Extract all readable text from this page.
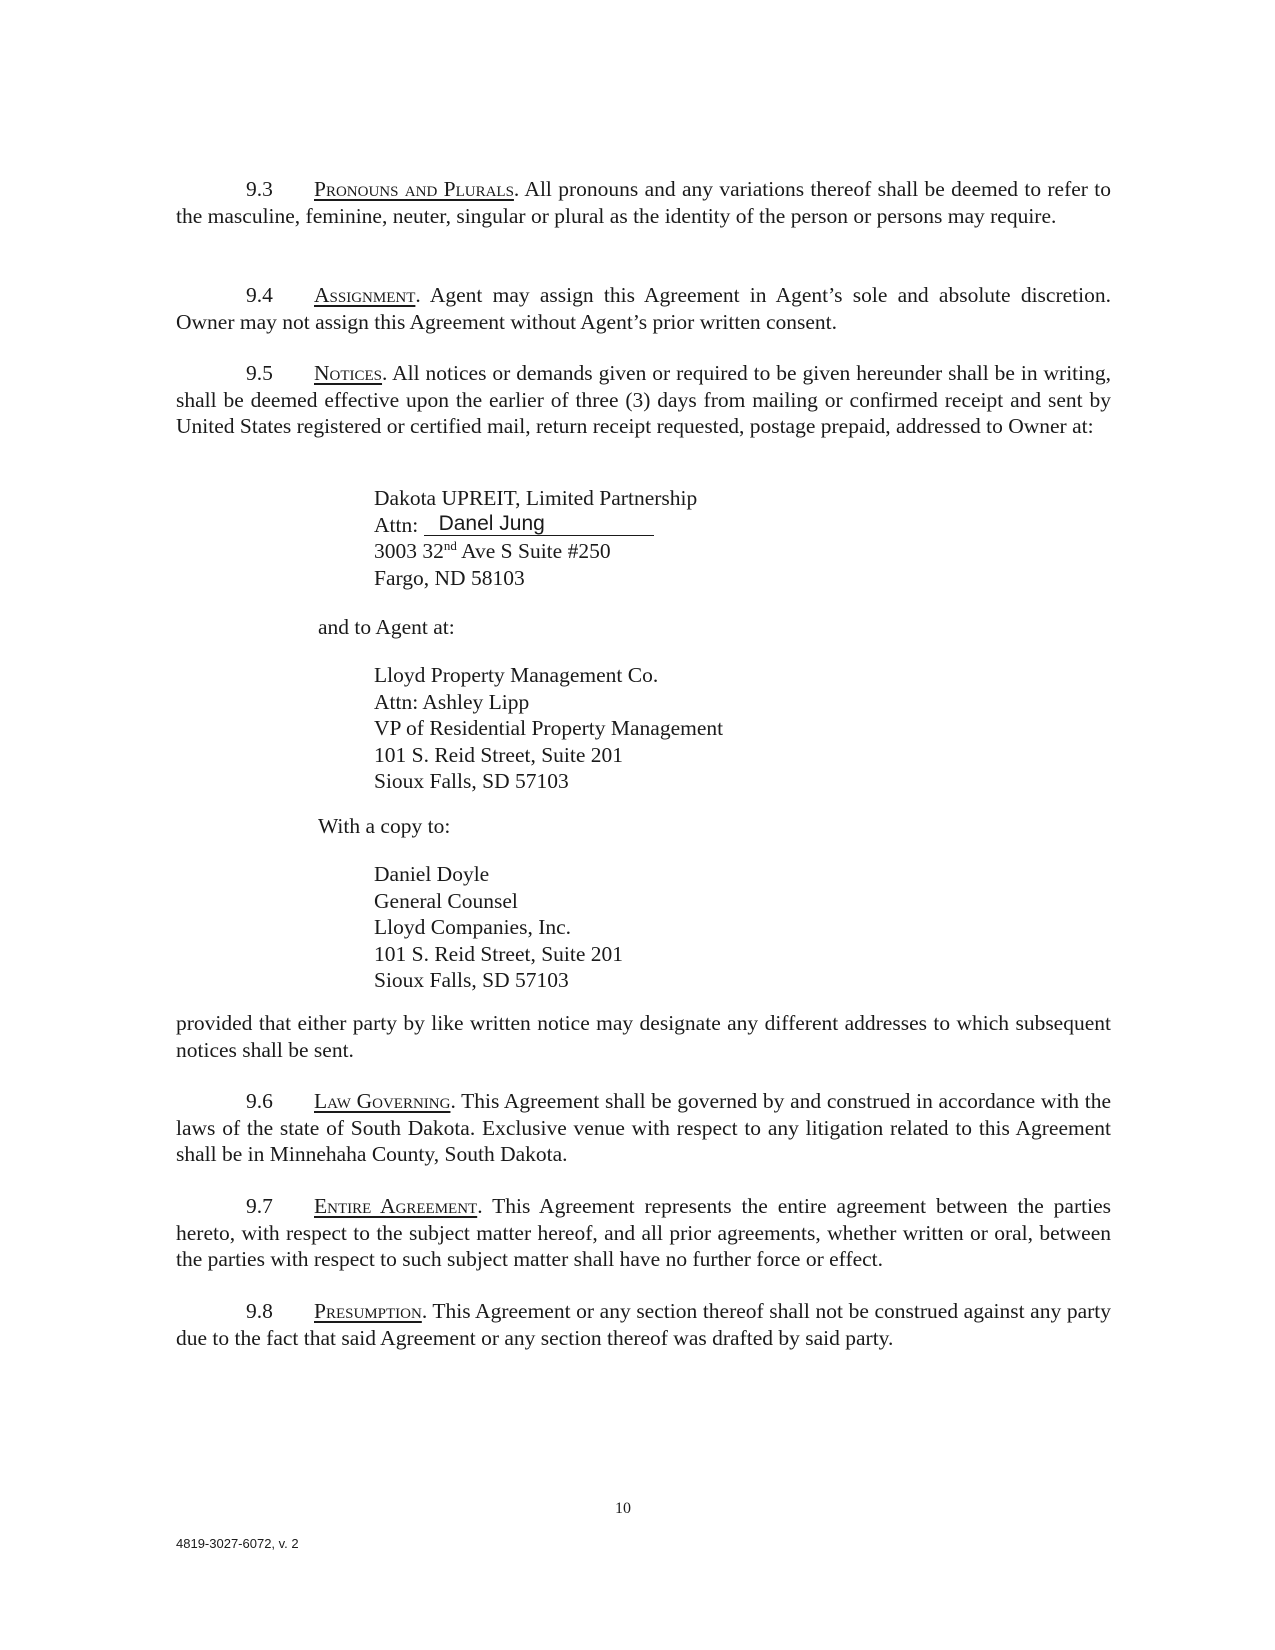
9.3 Pronouns and Plurals. All pronouns and any variations thereof shall be deemed to refer to the masculine, feminine, neuter, singular or plural as the identity of the person or persons may require.

9.4 Assignment. Agent may assign this Agreement in Agent’s sole and absolute discretion. Owner may not assign this Agreement without Agent’s prior written consent.

9.5 Notices. All notices or demands given or required to be given hereunder shall be in writing, shall be deemed effective upon the earlier of three (3) days from mailing or confirmed receipt and sent by United States registered or certified mail, return receipt requested, postage prepaid, addressed to Owner at:

Dakota UPREIT, Limited Partnership
Attn: Danel Jung
3003 32nd Ave S Suite #250
Fargo, ND 58103

and to Agent at:

Lloyd Property Management Co.
Attn: Ashley Lipp
VP of Residential Property Management
101 S. Reid Street, Suite 201
Sioux Falls, SD 57103

With a copy to:

Daniel Doyle
General Counsel
Lloyd Companies, Inc.
101 S. Reid Street, Suite 201
Sioux Falls, SD 57103

provided that either party by like written notice may designate any different addresses to which subsequent notices shall be sent.

9.6 Law Governing. This Agreement shall be governed by and construed in accordance with the laws of the state of South Dakota. Exclusive venue with respect to any litigation related to this Agreement shall be in Minnehaha County, South Dakota.

9.7 Entire Agreement. This Agreement represents the entire agreement between the parties hereto, with respect to the subject matter hereof, and all prior agreements, whether written or oral, between the parties with respect to such subject matter shall have no further force or effect.

9.8 Presumption. This Agreement or any section thereof shall not be construed against any party due to the fact that said Agreement or any section thereof was drafted by said party.

10
4819-3027-6072, v. 2
